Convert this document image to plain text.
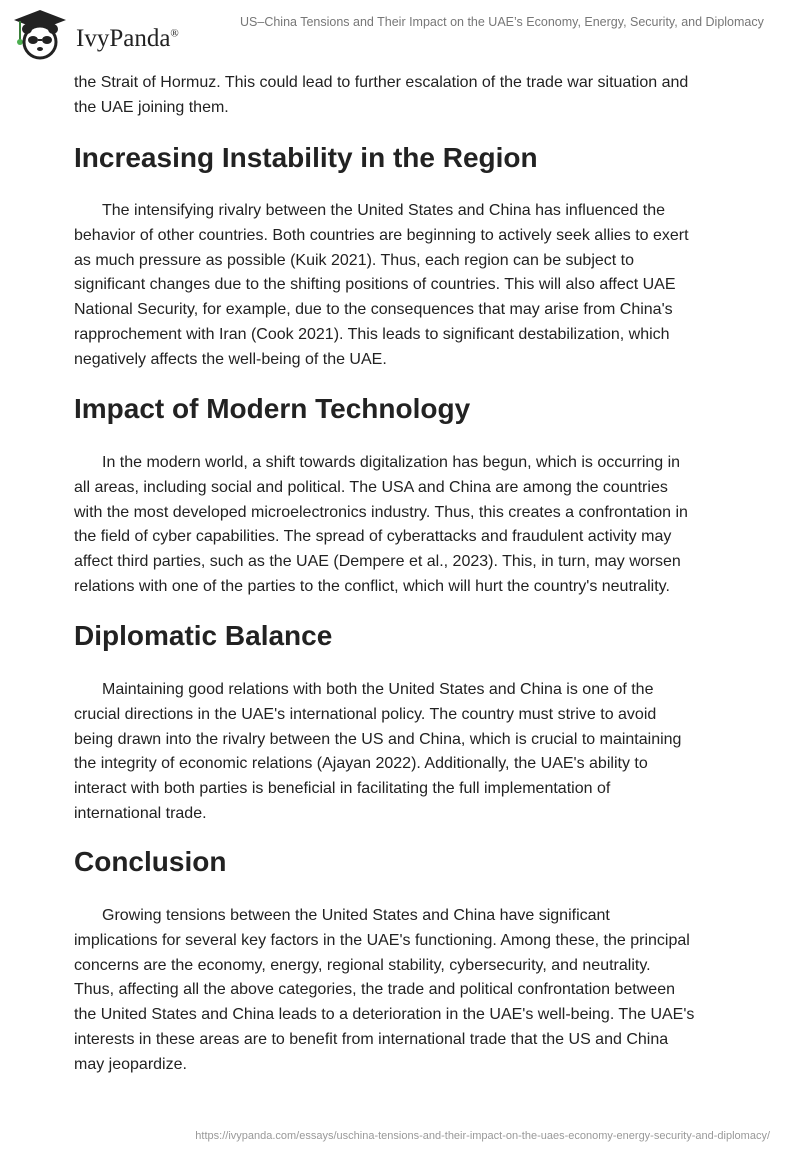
IvyPanda®
US–China Tensions and Their Impact on the UAE’s Economy, Energy, Security, and Diplomacy
the Strait of Hormuz. This could lead to further escalation of the trade war situation and
the UAE joining them.
Increasing Instability in the Region
The intensifying rivalry between the United States and China has influenced the
behavior of other countries. Both countries are beginning to actively seek allies to exert
as much pressure as possible (Kuik 2021). Thus, each region can be subject to
significant changes due to the shifting positions of countries. This will also affect UAE
National Security, for example, due to the consequences that may arise from China's
rapprochement with Iran (Cook 2021). This leads to significant destabilization, which
negatively affects the well-being of the UAE.
Impact of Modern Technology
In the modern world, a shift towards digitalization has begun, which is occurring in
all areas, including social and political. The USA and China are among the countries
with the most developed microelectronics industry. Thus, this creates a confrontation in
the field of cyber capabilities. The spread of cyberattacks and fraudulent activity may
affect third parties, such as the UAE (Dempere et al., 2023). This, in turn, may worsen
relations with one of the parties to the conflict, which will hurt the country's neutrality.
Diplomatic Balance
Maintaining good relations with both the United States and China is one of the
crucial directions in the UAE's international policy. The country must strive to avoid
being drawn into the rivalry between the US and China, which is crucial to maintaining
the integrity of economic relations (Ajayan 2022). Additionally, the UAE's ability to
interact with both parties is beneficial in facilitating the full implementation of
international trade.
Conclusion
Growing tensions between the United States and China have significant
implications for several key factors in the UAE's functioning. Among these, the principal
concerns are the economy, energy, regional stability, cybersecurity, and neutrality.
Thus, affecting all the above categories, the trade and political confrontation between
the United States and China leads to a deterioration in the UAE's well-being. The UAE's
interests in these areas are to benefit from international trade that the US and China
may jeopardize.
https://ivypanda.com/essays/uschina-tensions-and-their-impact-on-the-uaes-economy-energy-security-and-diplomacy/
